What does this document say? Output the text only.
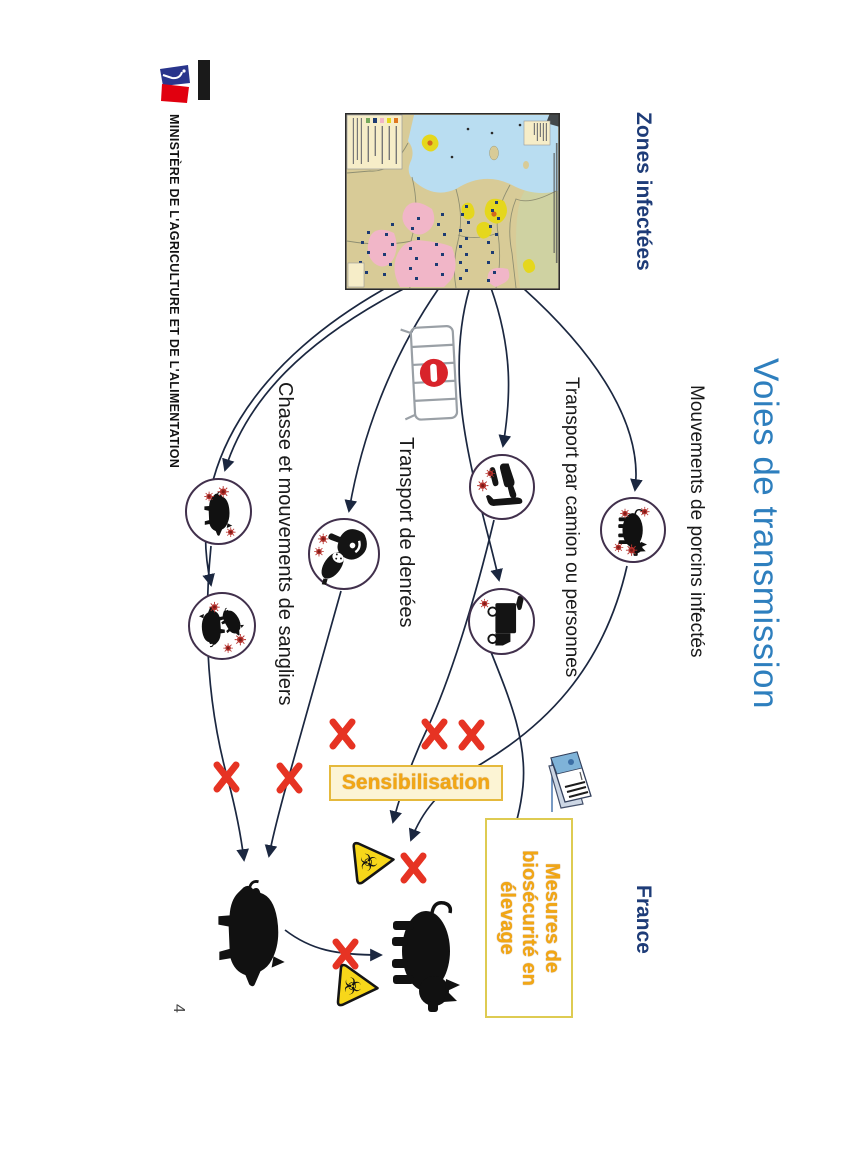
Voies de transmission
Zones infectées
France
Mouvements de porcins infectés
Transport par camion ou personnes
Transport de denrées
Chasse et mouvements de sangliers
Sensibilisation
Mesures de
biosécurité en
élevage
MINISTÈRE DE L'AGRICULTURE ET DE L'ALIMENTATION
4
